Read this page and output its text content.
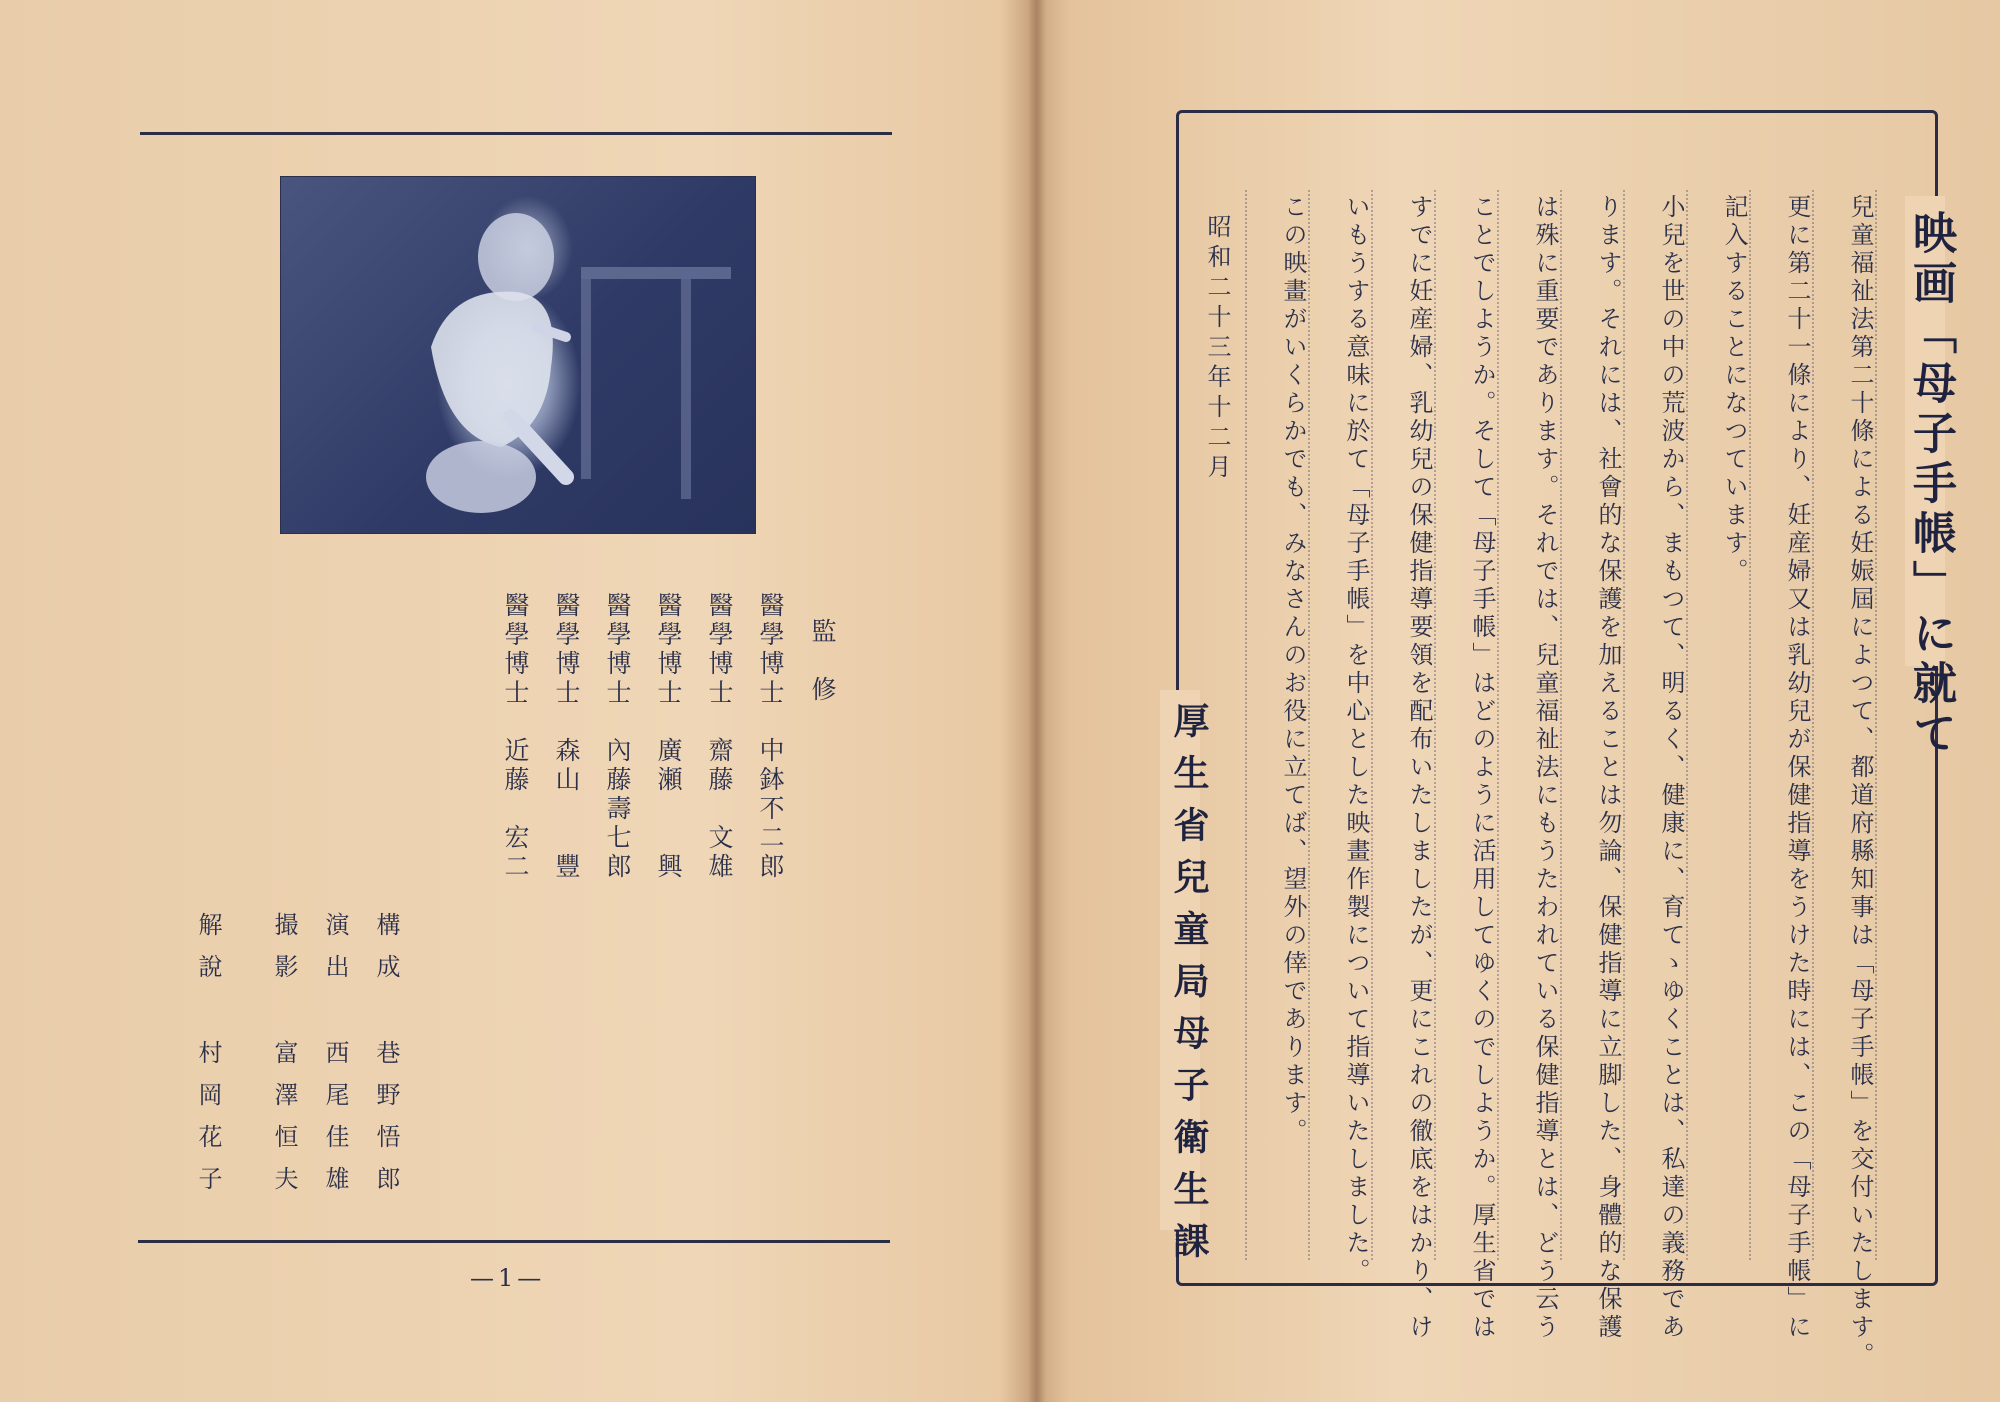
監　修
醫學博士　中鉢不二郎
醫學博士　齋藤　文雄
醫學博士　廣瀬　　興
醫學博士　內藤壽七郎
醫學博士　森山　　豐
醫學博士　近藤　宏二
構成
巷野悟郎
演出
西尾佳雄
撮影
富澤恒夫
解說
村岡花子
—1—
映画「母子手帳」に就て
兒童福祉法第二十條による妊娠屆によつて、都道府縣知事は「母子手帳」を交付いたします。
更に第二十一條により、妊産婦又は乳幼兒が保健指導をうけた時には、この「母子手帳」に
記入することになつています。
小兒を世の中の荒波から、まもつて、明るく、健康に、育てゝゆくことは、私達の義務であ
ります。それには、社會的な保護を加えることは勿論、保健指導に立脚した、身體的な保護
は殊に重要であります。それでは、兒童福祉法にもうたわれている保健指導とは、どう云う
ことでしようか。そして「母子手帳」はどのように活用してゆくのでしようか。厚生省では
すでに妊産婦、乳幼兒の保健指導要領を配布いたしましたが、更にこれの徹底をはかり、け
いもうする意味に於て「母子手帳」を中心とした映畫作製について指導いたしました。
この映畫がいくらかでも、みなさんのお役に立てば、望外の倖であります。
昭和二十三年十二月
厚生省兒童局母子衛生課
